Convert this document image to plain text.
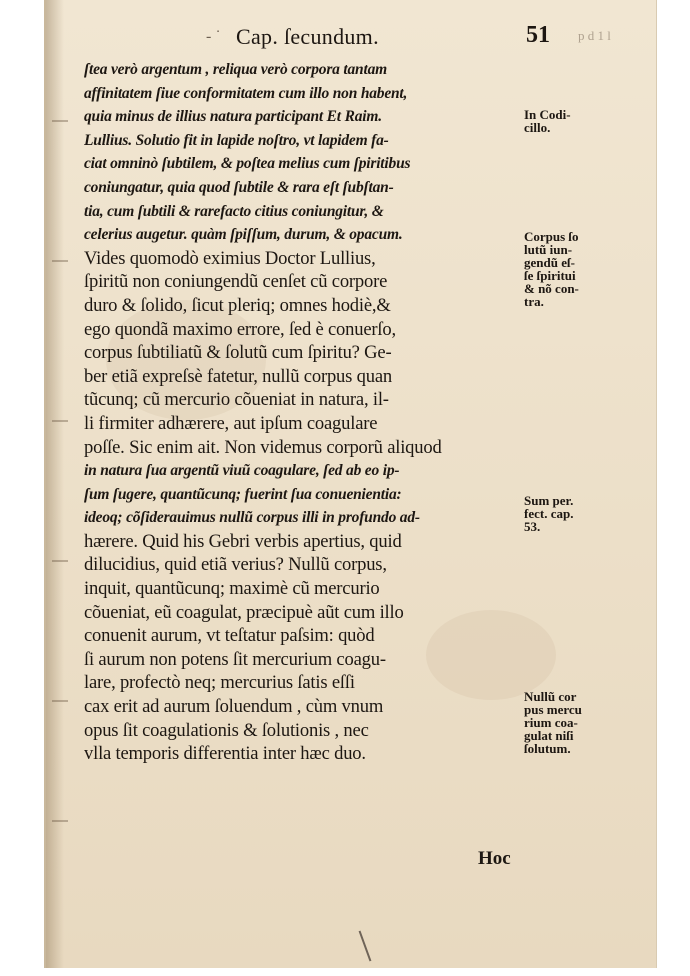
- ˙ Cap. ſecundum.	51 p d 1 l
ſtea verò argentum , reliqua verò corpora tantam
affinitatem ſiue conformitatem cum illo non habent,
quia minus de illius natura participant Et Raim.
Lullius. Solutio fit in lapide noſtro, vt lapidem fa-
ciat omninò ſubtilem, & poſtea melius cum ſpiritibus
coniungatur, quia quod ſubtile & rara eſt ſubſtan-
tia, cum ſubtili & rarefacto citius coniungitur, &
celerius augetur. quàm ſpiſſum, durum, & opacum.
Vides quomodò eximius Doctor Lullius,
ſpiritũ non coniungendũ cenſet cũ corpore
duro & ſolido, ſicut pleriq; omnes hodiè,&
ego quondã maximo errore, ſed è conuerſo,
corpus ſubtiliatũ & ſolutũ cum ſpiritu? Ge-
ber etiã expreſsè fatetur, nullũ corpus quan
tũcunq; cũ mercurio cõueniat in natura, il-
li firmiter adhærere, aut ipſum coagulare
poſſe. Sic enim ait. Non videmus corporũ aliquod
in natura ſua argentũ viuũ coagulare, ſed ab eo ip-
ſum ſugere, quantũcunq; fuerint ſua conuenientia:
ideoq; cõſiderauimus nullũ corpus illi in profundo ad-
hærere. Quid his Gebri verbis apertius, quid
dilucidius, quid etiã verius? Nullũ corpus,
inquit, quantũcunq; maximè cũ mercurio
cõueniat, eũ coagulat, præcipuè aũt cum illo
conuenit aurum, vt teſtatur paſsim: quòd
ſi aurum non potens ſit mercurium coagu-
lare, profectò neq; mercurius ſatis eſſi
cax erit ad aurum ſoluendum , cùm vnum
opus ſit coagulationis & ſolutionis , nec
vlla temporis differentia inter hæc duo.
Hoc
In Codi-
cillo.
Corpus ſo
lutũ iun-
gendũ eſ-
ſe ſpiritui
& nõ con-
tra.
Sum per.
fect. cap.
53.
Nullũ cor
pus mercu
rium coa-
gulat niſi
ſolutum.
